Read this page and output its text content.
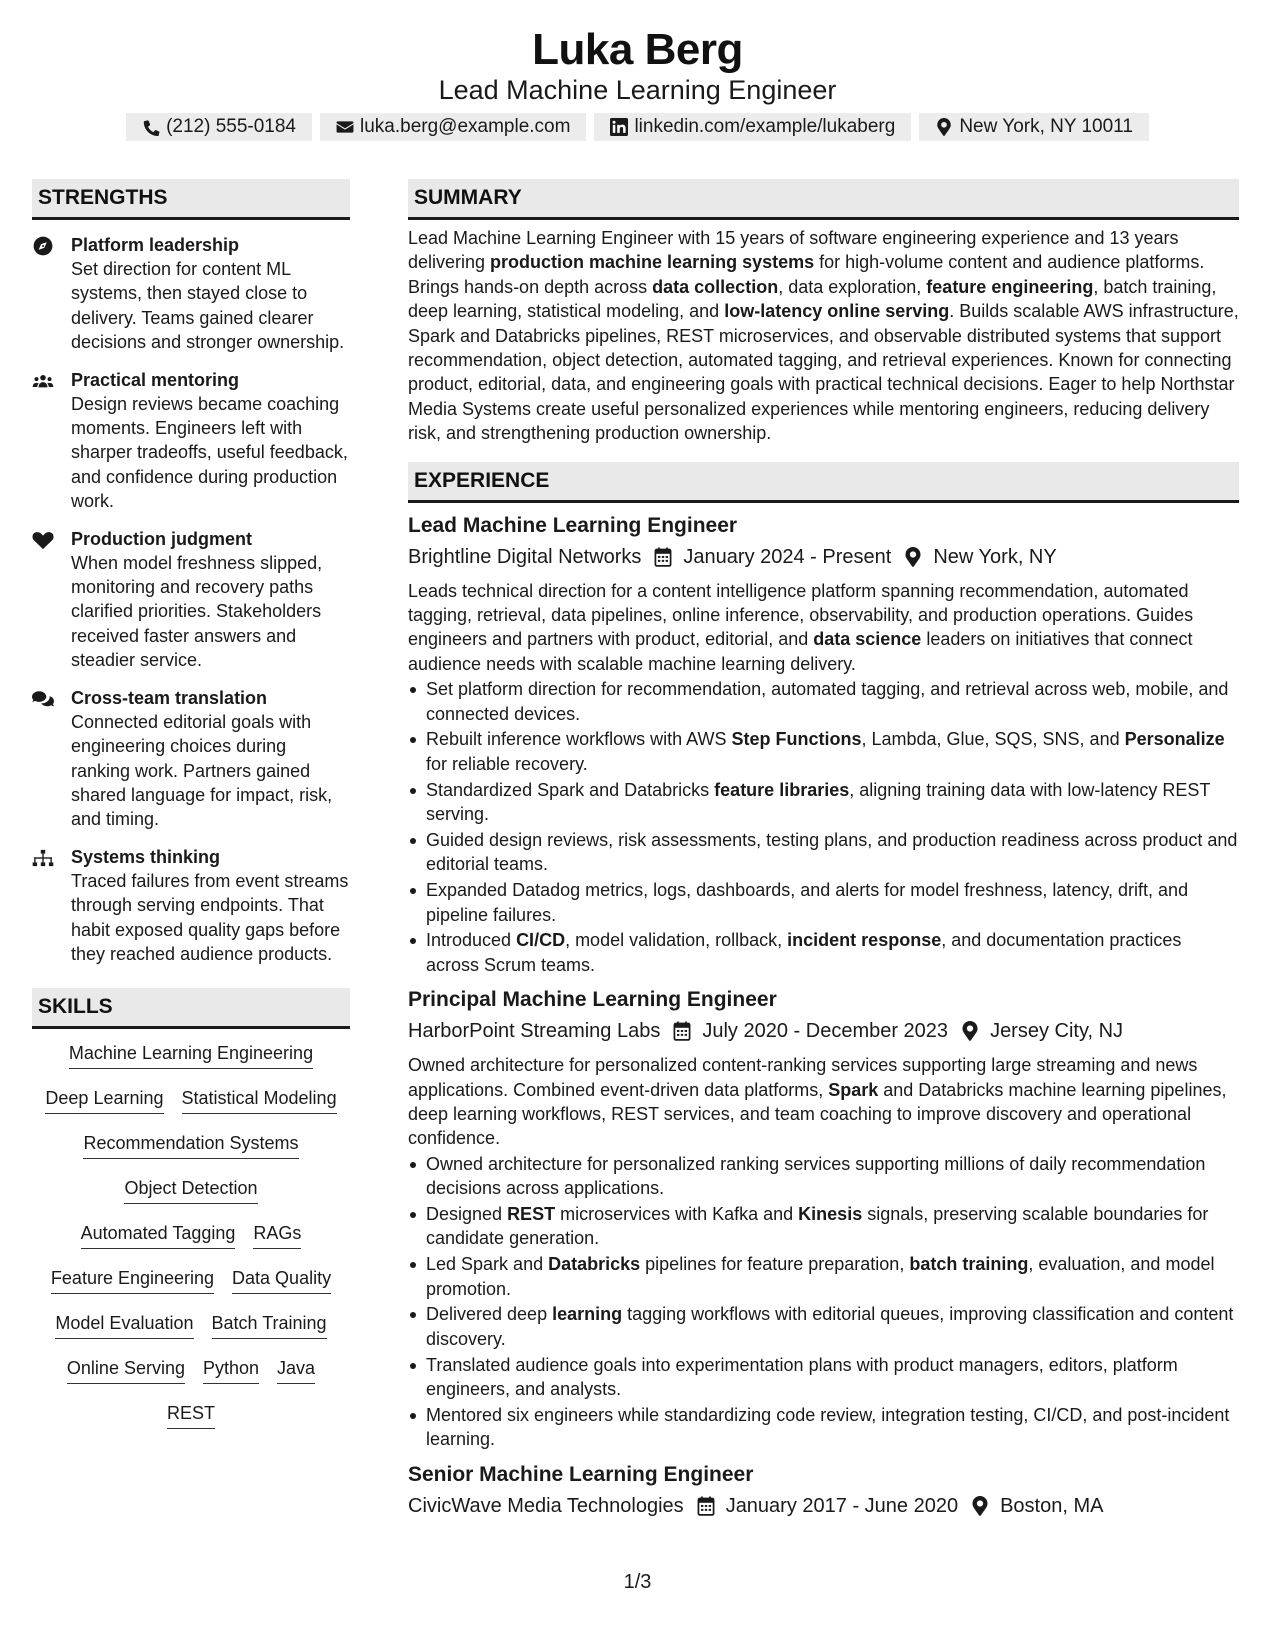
Luka Berg
Lead Machine Learning Engineer
(212) 555-0184	luka.berg@example.com	linkedin.com/example/lukaberg	New York, NY 10011
STRENGTHS
Platform leadership
Set direction for content ML systems, then stayed close to delivery. Teams gained clearer decisions and stronger ownership.
Practical mentoring
Design reviews became coaching moments. Engineers left with sharper tradeoffs, useful feedback, and confidence during production work.
Production judgment
When model freshness slipped, monitoring and recovery paths clarified priorities. Stakeholders received faster answers and steadier service.
Cross-team translation
Connected editorial goals with engineering choices during ranking work. Partners gained shared language for impact, risk, and timing.
Systems thinking
Traced failures from event streams through serving endpoints. That habit exposed quality gaps before they reached audience products.
SKILLS
Machine Learning Engineering
Deep Learning Statistical Modeling
Recommendation Systems
Object Detection
Automated Tagging RAGs
Feature Engineering Data Quality
Model Evaluation Batch Training
Online Serving Python Java
REST
SUMMARY
Lead Machine Learning Engineer with 15 years of software engineering experience and 13 years delivering production machine learning systems for high-volume content and audience platforms. Brings hands-on depth across data collection, data exploration, feature engineering, batch training, deep learning, statistical modeling, and low-latency online serving. Builds scalable AWS infrastructure, Spark and Databricks pipelines, REST microservices, and observable distributed systems that support recommendation, object detection, automated tagging, and retrieval experiences. Known for connecting product, editorial, data, and engineering goals with practical technical decisions. Eager to help Northstar Media Systems create useful personalized experiences while mentoring engineers, reducing delivery risk, and strengthening production ownership.
EXPERIENCE
Lead Machine Learning Engineer
Brightline Digital Networks January 2024 - Present New York, NY
Leads technical direction for a content intelligence platform spanning recommendation, automated tagging, retrieval, data pipelines, online inference, observability, and production operations. Guides engineers and partners with product, editorial, and data science leaders on initiatives that connect audience needs with scalable machine learning delivery.
Set platform direction for recommendation, automated tagging, and retrieval across web, mobile, and connected devices.
Rebuilt inference workflows with AWS Step Functions, Lambda, Glue, SQS, SNS, and Personalize for reliable recovery.
Standardized Spark and Databricks feature libraries, aligning training data with low-latency REST serving.
Guided design reviews, risk assessments, testing plans, and production readiness across product and editorial teams.
Expanded Datadog metrics, logs, dashboards, and alerts for model freshness, latency, drift, and pipeline failures.
Introduced CI/CD, model validation, rollback, incident response, and documentation practices across Scrum teams.
Principal Machine Learning Engineer
HarborPoint Streaming Labs July 2020 - December 2023 Jersey City, NJ
Owned architecture for personalized content-ranking services supporting large streaming and news applications. Combined event-driven data platforms, Spark and Databricks machine learning pipelines, deep learning workflows, REST services, and team coaching to improve discovery and operational confidence.
Owned architecture for personalized ranking services supporting millions of daily recommendation decisions across applications.
Designed REST microservices with Kafka and Kinesis signals, preserving scalable boundaries for candidate generation.
Led Spark and Databricks pipelines for feature preparation, batch training, evaluation, and model promotion.
Delivered deep learning tagging workflows with editorial queues, improving classification and content discovery.
Translated audience goals into experimentation plans with product managers, editors, platform engineers, and analysts.
Mentored six engineers while standardizing code review, integration testing, CI/CD, and post-incident learning.
Senior Machine Learning Engineer
CivicWave Media Technologies January 2017 - June 2020 Boston, MA
1/3
